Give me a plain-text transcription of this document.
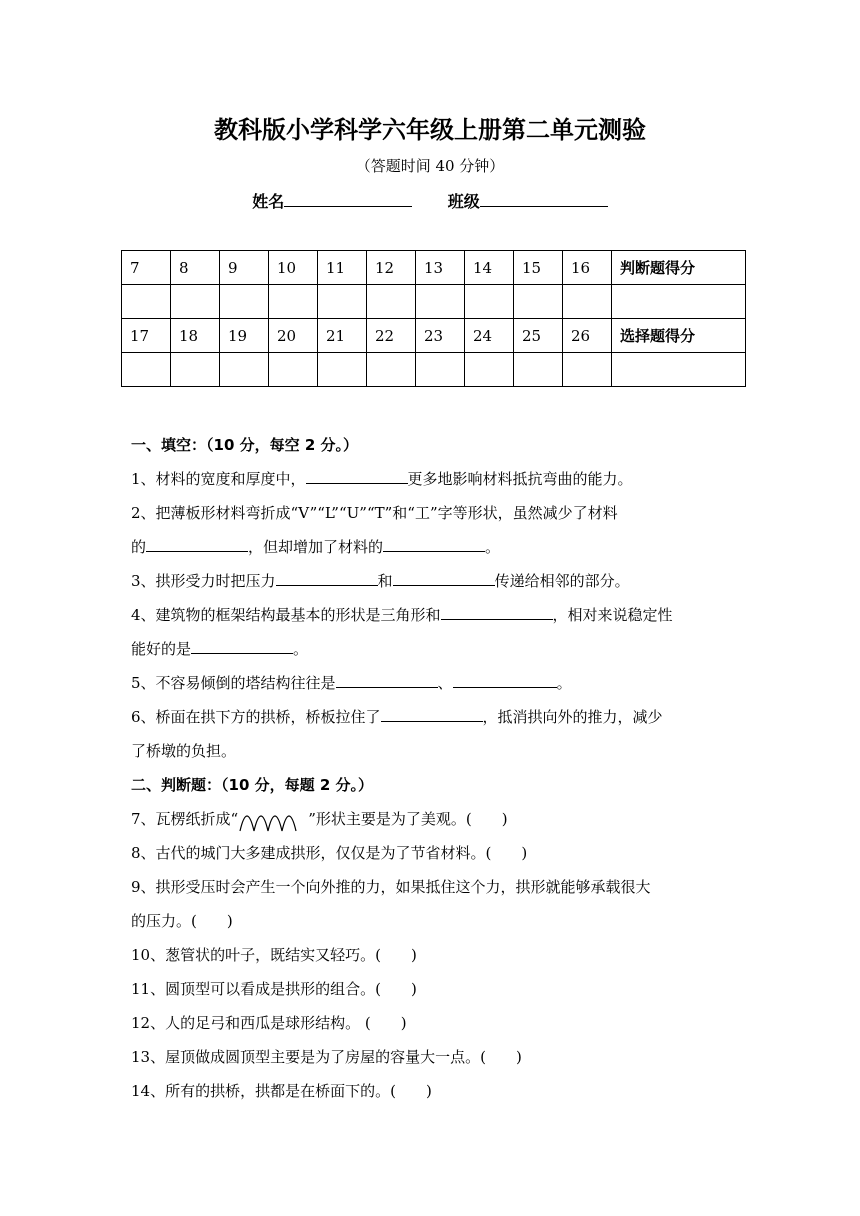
教科版小学科学六年级上册第二单元测验
（答题时间 40 分钟）
姓名	班级
7	8	9	10	11	12	13	14	15	16	判断题得分

17	18	19	20	21	22	23	24	25	26	选择题得分

一、填空：（10 分，每空 2 分。）
1、材料的宽度和厚度中，	更多地影响材料抵抗弯曲的能力。
2、把薄板形材料弯折成“V”“L”“U”“T”和“工”字等形状，虽然减少了材料
的	，但却增加了材料的	。
3、拱形受力时把压力	和	传递给相邻的部分。
4、建筑物的框架结构最基本的形状是三角形和	，相对来说稳定性
能好的是	。
5、不容易倾倒的塔结构往往是	、	。
6、桥面在拱下方的拱桥，桥板拉住了	，抵消拱向外的推力，减少
了桥墩的负担。
二、判断题：（10 分，每题 2 分。）
7、瓦楞纸折成“	”形状主要是为了美观。(　　)
8、古代的城门大多建成拱形，仅仅是为了节省材料。(　　)
9、拱形受压时会产生一个向外推的力，如果抵住这个力，拱形就能够承载很大
的压力。(　　)
10、葱管状的叶子，既结实又轻巧。(　　)
11、圆顶型可以看成是拱形的组合。(　　)
12、人的足弓和西瓜是球形结构。 (　　)
13、屋顶做成圆顶型主要是为了房屋的容量大一点。(　　)
14、所有的拱桥，拱都是在桥面下的。(　　)
